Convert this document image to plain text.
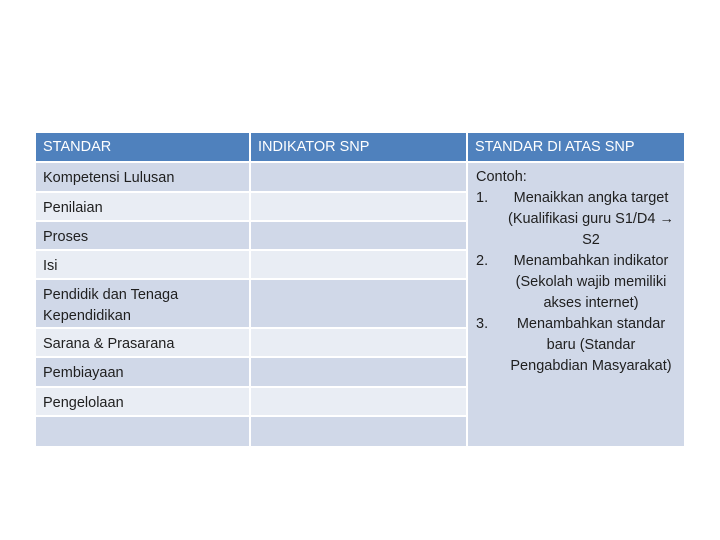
STANDAR	INDIKATOR SNP	STANDAR DI ATAS SNP
Kompetensi Lulusan
Penilaian
Proses
Isi
Pendidik dan Tenaga Kependidikan
Sarana & Prasarana
Pembiayaan
Pengelolaan
Contoh:
1.	Menaikkan angka target (Kualifikasi guru S1/D4 → S2
2.	Menambahkan indikator (Sekolah wajib memiliki akses internet)
3.	Menambahkan standar baru (Standar Pengabdian Masyarakat)
